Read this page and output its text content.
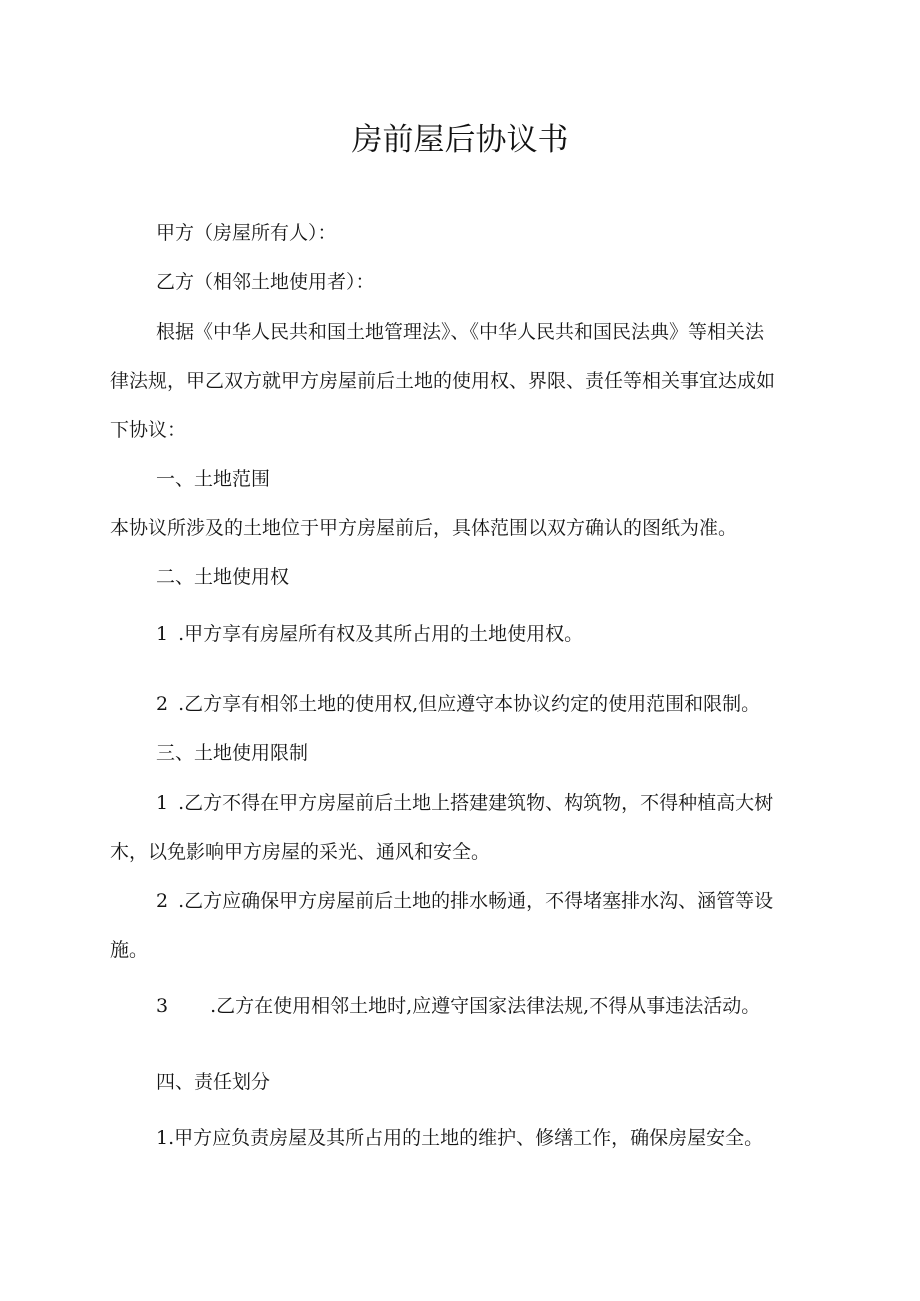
房前屋后协议书
甲方（房屋所有人）：
乙方（相邻土地使用者）：
根据《中华人民共和国土地管理法》、《中华人民共和国民法典》等相关法
律法规，甲乙双方就甲方房屋前后土地的使用权、界限、责任等相关事宜达成如
下协议：
一、土地范围
本协议所涉及的土地位于甲方房屋前后，具体范围以双方确认的图纸为准。
二、土地使用权
1 .甲方享有房屋所有权及其所占用的土地使用权。
2 .乙方享有相邻土地的使用权,但应遵守本协议约定的使用范围和限制。
三、土地使用限制
1 .乙方不得在甲方房屋前后土地上搭建建筑物、构筑物，不得种植高大树
木，以免影响甲方房屋的采光、通风和安全。
2 .乙方应确保甲方房屋前后土地的排水畅通，不得堵塞排水沟、涵管等设
施。
3 .乙方在使用相邻土地时,应遵守国家法律法规,不得从事违法活动。
四、责任划分
1.甲方应负责房屋及其所占用的土地的维护、修缮工作，确保房屋安全。
